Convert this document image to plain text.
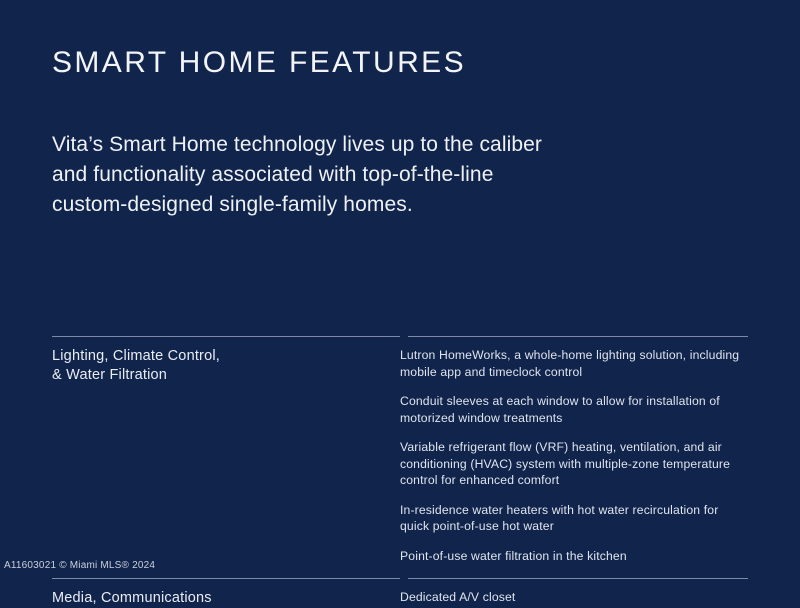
SMART HOME FEATURES
Vita’s Smart Home technology lives up to the caliber
and functionality associated with top-of-the-line
custom-designed single-family homes.
Lighting, Climate Control,
& Water Filtration
Lutron HomeWorks, a whole-home lighting solution, including mobile app and timeclock control
Conduit sleeves at each window to allow for installation of motorized window treatments
Variable refrigerant flow (VRF) heating, ventilation, and air conditioning (HVAC) system with multiple-zone temperature control for enhanced comfort
In-residence water heaters with hot water recirculation for quick point-of-use hot water
Point-of-use water filtration in the kitchen
Media, Communications	Dedicated A/V closet
A11603021 © Miami MLS® 2024
